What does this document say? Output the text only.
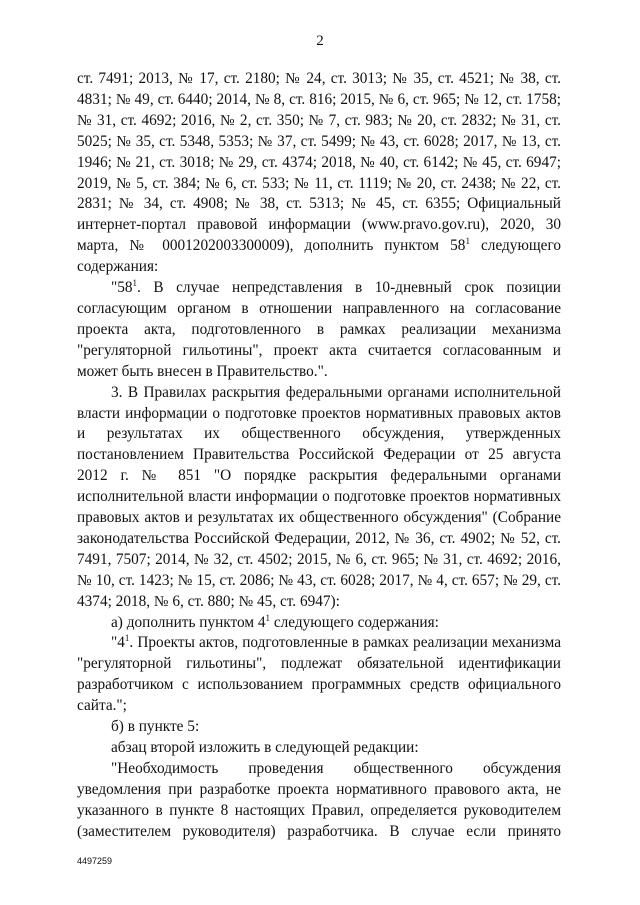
2

ст. 7491; 2013, № 17, ст. 2180; № 24, ст. 3013; № 35, ст. 4521; № 38, ст. 4831; № 49, ст. 6440; 2014, № 8, ст. 816; 2015, № 6, ст. 965; № 12, ст. 1758; № 31, ст. 4692; 2016, № 2, ст. 350; № 7, ст. 983; № 20, ст. 2832; № 31, ст. 5025; № 35, ст. 5348, 5353; № 37, ст. 5499; № 43, ст. 6028; 2017, № 13, ст. 1946; № 21, ст. 3018; № 29, ст. 4374; 2018, № 40, ст. 6142; № 45, ст. 6947; 2019, № 5, ст. 384; № 6, ст. 533; № 11, ст. 1119; № 20, ст. 2438; № 22, ст. 2831; № 34, ст. 4908; № 38, ст. 5313; № 45, ст. 6355; Официальный интернет-портал правовой информации (www.pravo.gov.ru), 2020, 30 марта, № 0001202003300009), дополнить пунктом $58^1$ следующего содержания:

"$58^1$. В случае непредставления в 10-дневный срок позиции согласующим органом в отношении направленного на согласование проекта акта, подготовленного в рамках реализации механизма "регуляторной гильотины", проект акта считается согласованным и может быть внесен в Правительство.".

3. В Правилах раскрытия федеральными органами исполнительной власти информации о подготовке проектов нормативных правовых актов и результатах их общественного обсуждения, утвержденных постановлением Правительства Российской Федерации от 25 августа 2012 г. № 851 "О порядке раскрытия федеральными органами исполнительной власти информации о подготовке проектов нормативных правовых актов и результатах их общественного обсуждения" (Собрание законодательства Российской Федерации, 2012, № 36, ст. 4902; № 52, ст. 7491, 7507; 2014, № 32, ст. 4502; 2015, № 6, ст. 965; № 31, ст. 4692; 2016, № 10, ст. 1423; № 15, ст. 2086; № 43, ст. 6028; 2017, № 4, ст. 657; № 29, ст. 4374; 2018, № 6, ст. 880; № 45, ст. 6947):

а) дополнить пунктом $4^1$ следующего содержания:

"$4^1$. Проекты актов, подготовленные в рамках реализации механизма "регуляторной гильотины", подлежат обязательной идентификации разработчиком с использованием программных средств официального сайта.";

б) в пункте 5:

абзац второй изложить в следующей редакции:

"Необходимость проведения общественного обсуждения уведомления при разработке проекта нормативного правового акта, не указанного в пункте 8 настоящих Правил, определяется руководителем (заместителем руководителя) разработчика. В случае если принято

4497259
